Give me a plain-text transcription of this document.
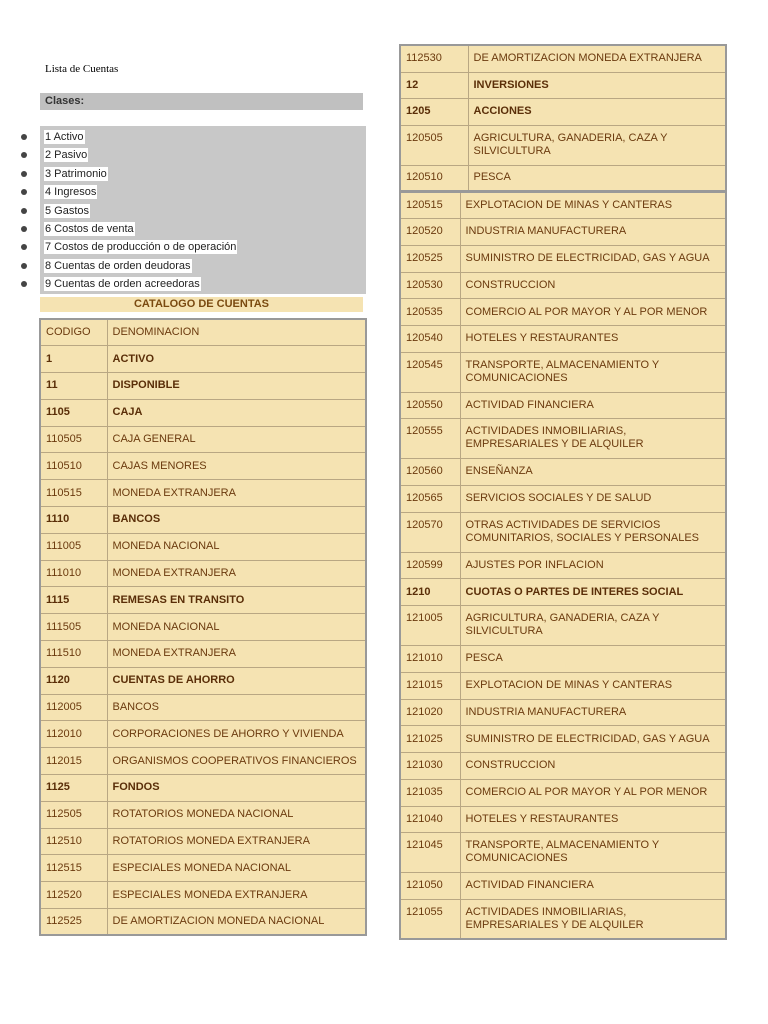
Lista de Cuentas
Clases:
1 Activo
2 Pasivo
3 Patrimonio
4 Ingresos
5 Gastos
6 Costos de venta
7 Costos de producción o de operación
8 Cuentas de orden deudoras
9 Cuentas de orden acreedoras
CATALOGO DE CUENTAS
CODIGO	DENOMINACION
1	ACTIVO
11	DISPONIBLE
1105	CAJA
110505	CAJA GENERAL
110510	CAJAS MENORES
110515	MONEDA EXTRANJERA
1110	BANCOS
111005	MONEDA NACIONAL
111010	MONEDA EXTRANJERA
1115	REMESAS EN TRANSITO
111505	MONEDA NACIONAL
111510	MONEDA EXTRANJERA
1120	CUENTAS DE AHORRO
112005	BANCOS
112010	CORPORACIONES DE AHORRO Y VIVIENDA
112015	ORGANISMOS COOPERATIVOS FINANCIEROS
1125	FONDOS
112505	ROTATORIOS MONEDA NACIONAL
112510	ROTATORIOS MONEDA EXTRANJERA
112515	ESPECIALES MONEDA NACIONAL
112520	ESPECIALES MONEDA EXTRANJERA
112525	DE AMORTIZACION MONEDA NACIONAL
112530	DE AMORTIZACION MONEDA EXTRANJERA
12	INVERSIONES
1205	ACCIONES
120505	AGRICULTURA, GANADERIA, CAZA Y SILVICULTURA
120510	PESCA
120515	EXPLOTACION DE MINAS Y CANTERAS
120520	INDUSTRIA MANUFACTURERA
120525	SUMINISTRO DE ELECTRICIDAD, GAS Y AGUA
120530	CONSTRUCCION
120535	COMERCIO AL POR MAYOR Y AL POR MENOR
120540	HOTELES Y RESTAURANTES
120545	TRANSPORTE, ALMACENAMIENTO Y COMUNICACIONES
120550	ACTIVIDAD FINANCIERA
120555	ACTIVIDADES INMOBILIARIAS, EMPRESARIALES Y DE ALQUILER
120560	ENSEÑANZA
120565	SERVICIOS SOCIALES Y DE SALUD
120570	OTRAS ACTIVIDADES DE SERVICIOS COMUNITARIOS, SOCIALES Y PERSONALES
120599	AJUSTES POR INFLACION
1210	CUOTAS O PARTES DE INTERES SOCIAL
121005	AGRICULTURA, GANADERIA, CAZA Y SILVICULTURA
121010	PESCA
121015	EXPLOTACION DE MINAS Y CANTERAS
121020	INDUSTRIA MANUFACTURERA
121025	SUMINISTRO DE ELECTRICIDAD, GAS Y AGUA
121030	CONSTRUCCION
121035	COMERCIO AL POR MAYOR Y AL POR MENOR
121040	HOTELES Y RESTAURANTES
121045	TRANSPORTE, ALMACENAMIENTO Y COMUNICACIONES
121050	ACTIVIDAD FINANCIERA
121055	ACTIVIDADES INMOBILIARIAS, EMPRESARIALES Y DE ALQUILER
